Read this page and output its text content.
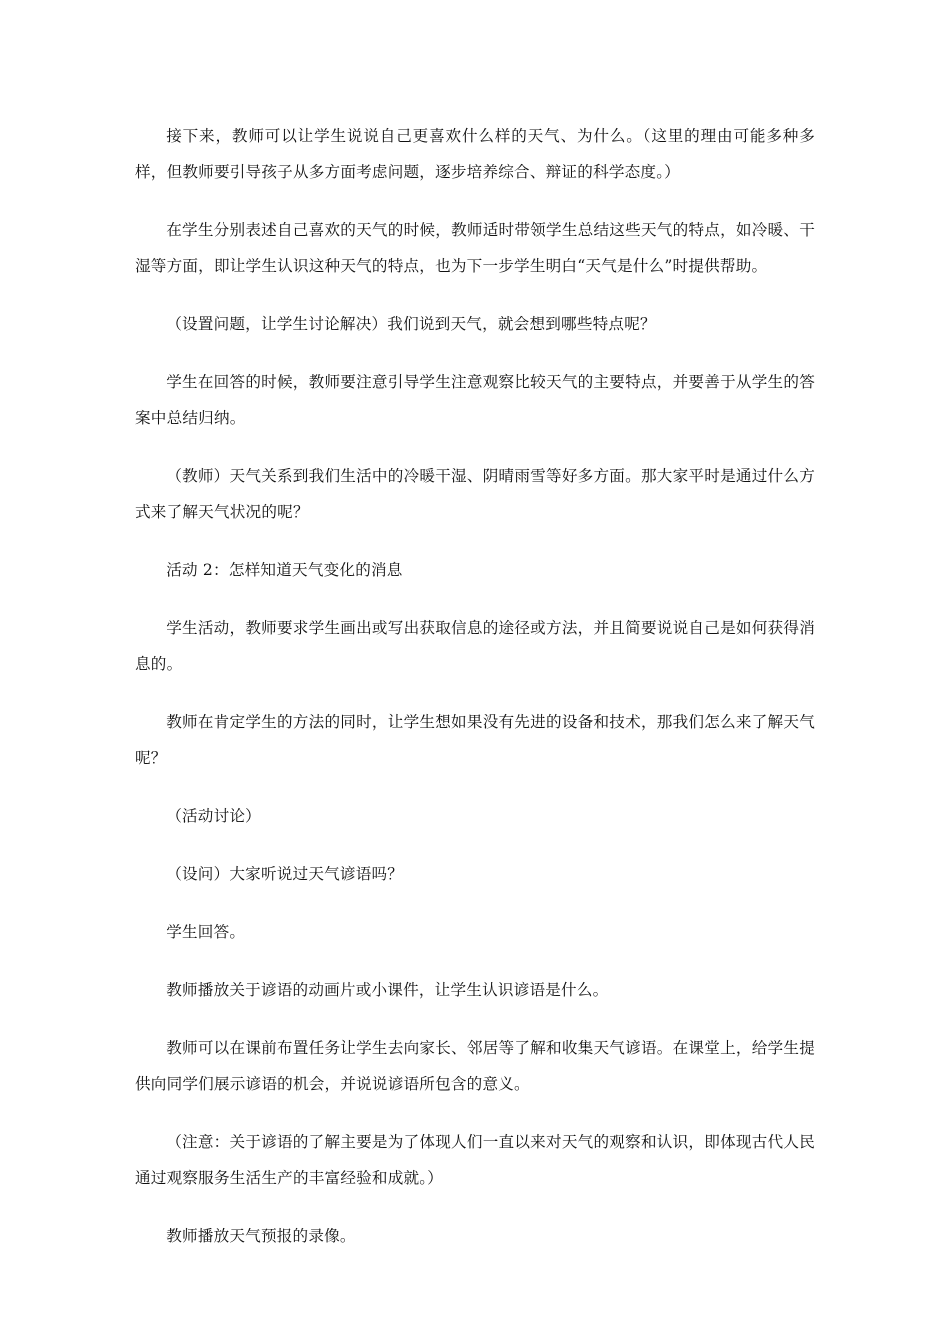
接下来，教师可以让学生说说自己更喜欢什么样的天气、为什么。（这里的理由可能多种多样，但教师要引导孩子从多方面考虑问题，逐步培养综合、辩证的科学态度。）

在学生分别表述自己喜欢的天气的时候，教师适时带领学生总结这些天气的特点，如冷暖、干湿等方面，即让学生认识这种天气的特点，也为下一步学生明白“天气是什么”时提供帮助。

（设置问题，让学生讨论解决）我们说到天气，就会想到哪些特点呢？

学生在回答的时候，教师要注意引导学生注意观察比较天气的主要特点，并要善于从学生的答案中总结归纳。

（教师）天气关系到我们生活中的冷暖干湿、阴晴雨雪等好多方面。那大家平时是通过什么方式来了解天气状况的呢？

活动 2：怎样知道天气变化的消息

学生活动，教师要求学生画出或写出获取信息的途径或方法，并且简要说说自己是如何获得消息的。

教师在肯定学生的方法的同时，让学生想如果没有先进的设备和技术，那我们怎么来了解天气呢？

（活动讨论）

（设问）大家听说过天气谚语吗？

学生回答。

教师播放关于谚语的动画片或小课件，让学生认识谚语是什么。

教师可以在课前布置任务让学生去向家长、邻居等了解和收集天气谚语。在课堂上，给学生提供向同学们展示谚语的机会，并说说谚语所包含的意义。

（注意：关于谚语的了解主要是为了体现人们一直以来对天气的观察和认识，即体现古代人民通过观察服务生活生产的丰富经验和成就。）

教师播放天气预报的录像。
